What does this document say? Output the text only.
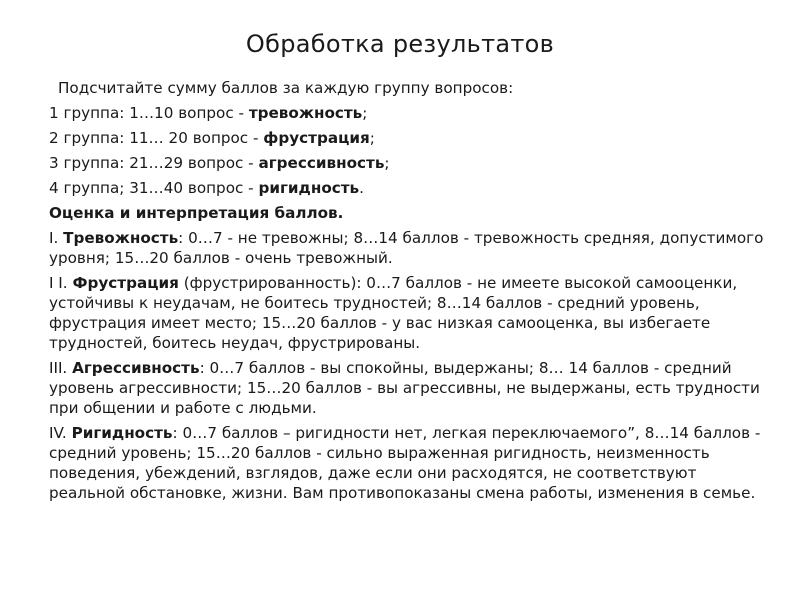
Обработка результатов
Подсчитайте сумму баллов за каждую группу вопросов:
1 группа: 1…10 вопрос - тревожность;
2 группа: 11… 20 вопрос - фрустрация;
3 группа: 21…29 вопрос - агрессивность;
4 группа; 31…40 вопрос - ригидность.
Оценка и интерпретация баллов.
I. Тревожность: 0…7 - не тревожны; 8…14 баллов - тревожность средняя, допустимого уровня; 15…20 баллов - очень тревожный.
I I. Фрустрация (фрустрированность): 0…7 баллов - не имеете высокой самооценки, устойчивы к неудачам, не боитесь трудностей; 8…14 баллов - средний уровень, фрустрация имеет место; 15…20 баллов - у вас низкая самооценка, вы избегаете трудностей, боитесь неудач, фрустрированы.
III. Агрессивность: 0…7 баллов - вы спокойны, выдержаны; 8… 14 баллов - средний уровень агрессивности; 15…20 баллов - вы агрессивны, не выдержаны, есть трудности при общении и работе с людьми.
IV. Ригидность: 0…7 баллов – ригидности нет, легкая переключаемого”, 8…14 баллов - средний уровень; 15…20 баллов - сильно выраженная ригидность, неизменность поведения, убеждений, взглядов, даже если они расходятся, не соответствуют реальной обстановке, жизни. Вам противопоказаны смена работы, изменения в семье.
